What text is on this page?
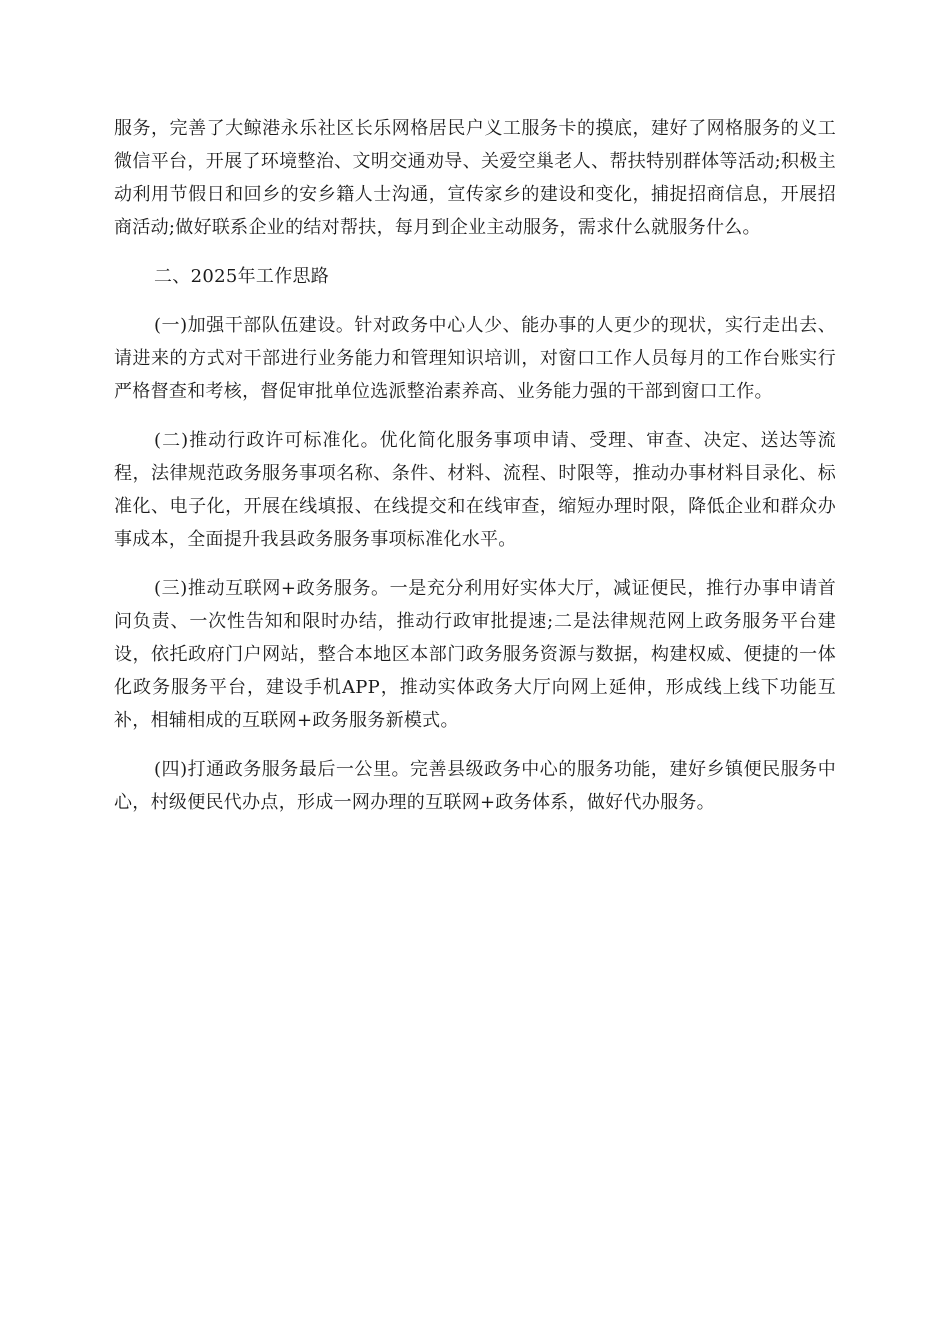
服务，完善了大鲸港永乐社区长乐网格居民户义工服务卡的摸底，建好了网格服务的义工微信平台，开展了环境整治、文明交通劝导、关爱空巢老人、帮扶特别群体等活动;积极主动利用节假日和回乡的安乡籍人士沟通，宣传家乡的建设和变化，捕捉招商信息，开展招商活动;做好联系企业的结对帮扶，每月到企业主动服务，需求什么就服务什么。

二、2025年工作思路

(一)加强干部队伍建设。针对政务中心人少、能办事的人更少的现状，实行走出去、请进来的方式对干部进行业务能力和管理知识培训，对窗口工作人员每月的工作台账实行严格督查和考核，督促审批单位选派整治素养高、业务能力强的干部到窗口工作。

(二)推动行政许可标准化。优化简化服务事项申请、受理、审查、决定、送达等流程，法律规范政务服务事项名称、条件、材料、流程、时限等，推动办事材料目录化、标准化、电子化，开展在线填报、在线提交和在线审查，缩短办理时限，降低企业和群众办事成本，全面提升我县政务服务事项标准化水平。

(三)推动互联网+政务服务。一是充分利用好实体大厅，减证便民，推行办事申请首问负责、一次性告知和限时办结，推动行政审批提速;二是法律规范网上政务服务平台建设，依托政府门户网站，整合本地区本部门政务服务资源与数据，构建权威、便捷的一体化政务服务平台，建设手机APP，推动实体政务大厅向网上延伸，形成线上线下功能互补，相辅相成的互联网+政务服务新模式。

(四)打通政务服务最后一公里。完善县级政务中心的服务功能，建好乡镇便民服务中心，村级便民代办点，形成一网办理的互联网+政务体系，做好代办服务。
